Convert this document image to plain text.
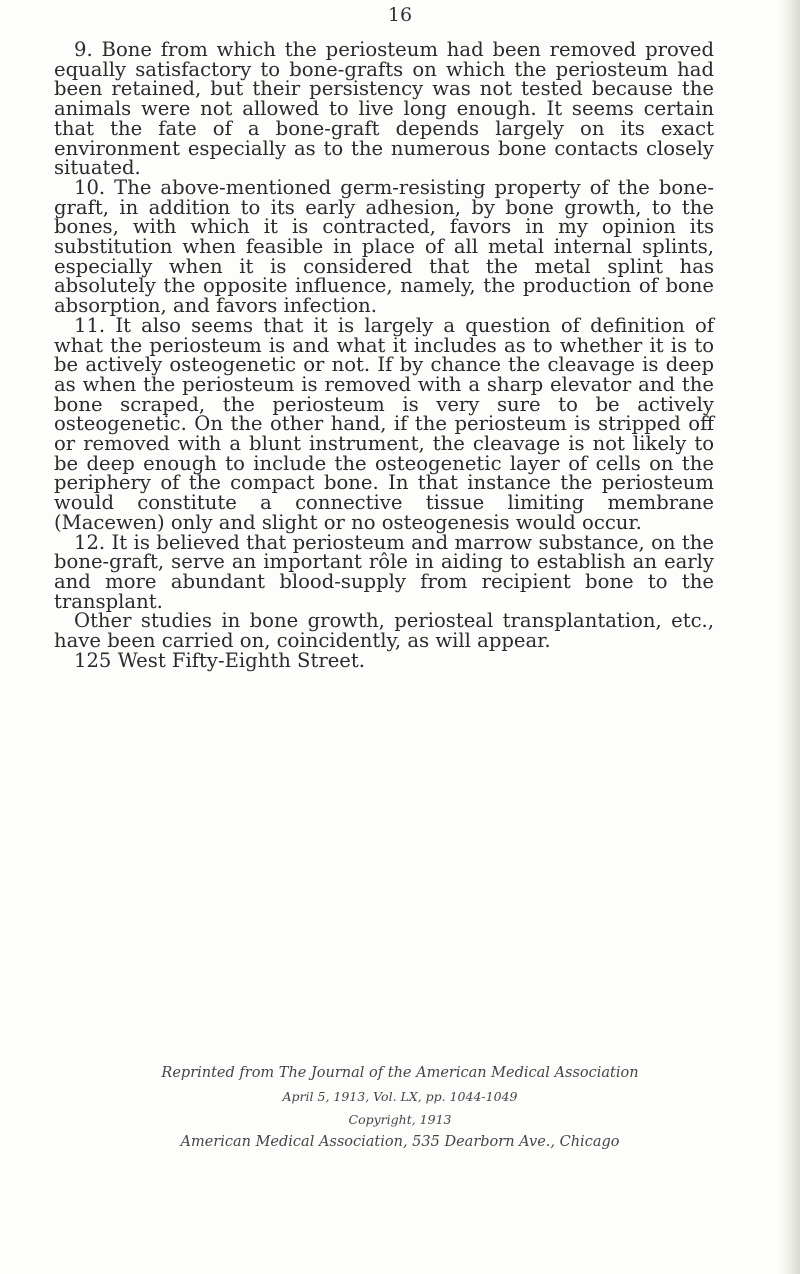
16

9. Bone from which the periosteum had been removed proved equally satisfactory to bone-grafts on which the periosteum had been retained, but their persistency was not tested because the animals were not allowed to live long enough. It seems certain that the fate of a bone-graft depends largely on its exact environment especially as to the numerous bone contacts closely situated.

10. The above-mentioned germ-resisting property of the bone-graft, in addition to its early adhesion, by bone growth, to the bones, with which it is contracted, favors in my opinion its substitution when feasible in place of all metal internal splints, especially when it is considered that the metal splint has absolutely the opposite influence, namely, the production of bone absorption, and favors infection.

11. It also seems that it is largely a question of definition of what the periosteum is and what it includes as to whether it is to be actively osteogenetic or not. If by chance the cleavage is deep as when the periosteum is removed with a sharp elevator and the bone scraped, the periosteum is very sure to be actively osteogenetic. On the other hand, if the periosteum is stripped off or removed with a blunt instrument, the cleavage is not likely to be deep enough to include the osteogenetic layer of cells on the periphery of the compact bone. In that instance the periosteum would constitute a connective tissue limiting membrane (Macewen) only and slight or no osteogenesis would occur.

12. It is believed that periosteum and marrow substance, on the bone-graft, serve an important rôle in aiding to establish an early and more abundant blood-supply from recipient bone to the transplant.

Other studies in bone growth, periosteal transplantation, etc., have been carried on, coincidently, as will appear.

125 West Fifty-Eighth Street.

Reprinted from The Journal of the American Medical Association
April 5, 1913, Vol. LX, pp. 1044-1049
Copyright, 1913
American Medical Association, 535 Dearborn Ave., Chicago
